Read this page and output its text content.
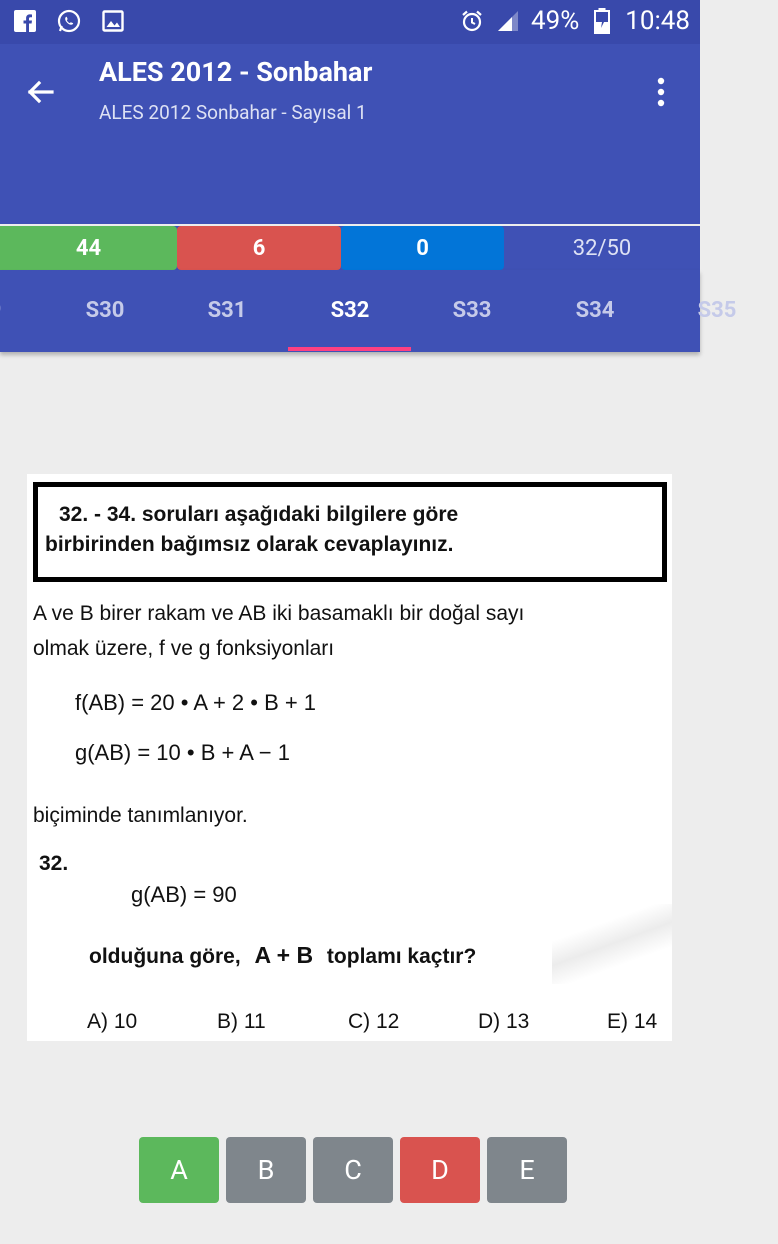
49% 10:48
ALES 2012 - Sonbahar
ALES 2012 Sonbahar - Sayısal 1
44	6	0	32/50
S30	S31	S32	S33	S34	S35
32. - 34. soruları aşağıdaki bilgilere göre
birbirinden bağımsız olarak cevaplayınız.
A ve B birer rakam ve AB iki basamaklı bir doğal sayı
olmak üzere, f ve g fonksiyonları
f(AB) = 20 • A + 2 • B + 1
g(AB) = 10 • B + A − 1
biçiminde tanımlanıyor.
32.
g(AB) = 90
olduğuna göre, A + B toplamı kaçtır?
A) 10	B) 11	C) 12	D) 13	E) 14
A	B	C	D	E
